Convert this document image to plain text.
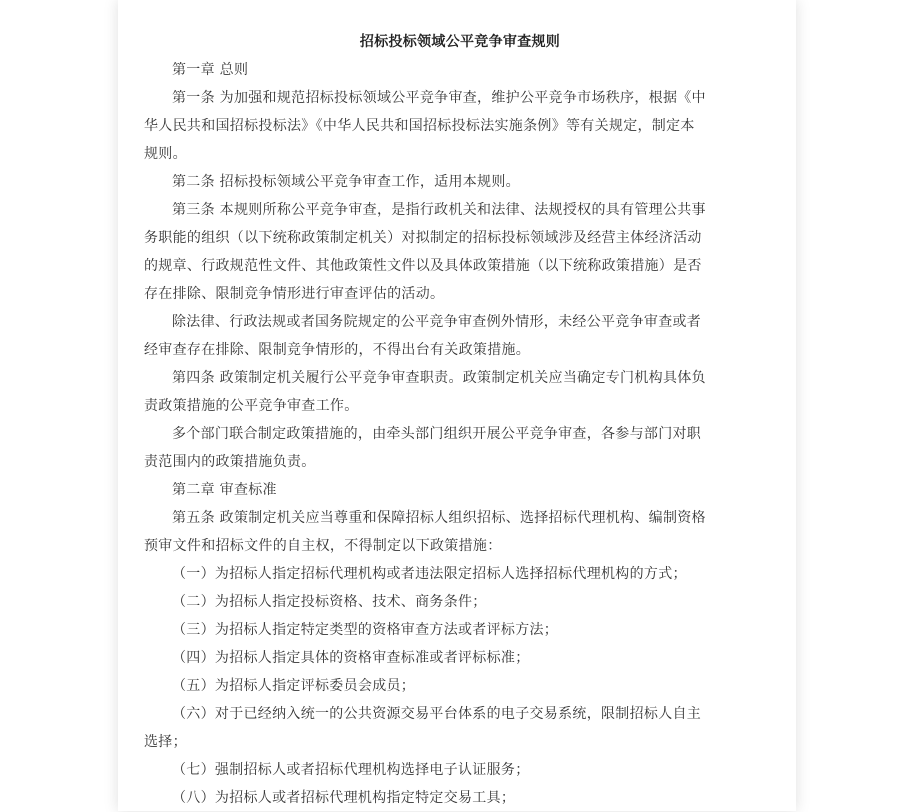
招标投标领域公平竞争审查规则

第一章 总则

第一条 为加强和规范招标投标领域公平竞争审查，维护公平竞争市场秩序，根据《中
华人民共和国招标投标法》《中华人民共和国招标投标法实施条例》等有关规定，制定本
规则。

第二条 招标投标领域公平竞争审查工作，适用本规则。

第三条 本规则所称公平竞争审查，是指行政机关和法律、法规授权的具有管理公共事
务职能的组织（以下统称政策制定机关）对拟制定的招标投标领域涉及经营主体经济活动
的规章、行政规范性文件、其他政策性文件以及具体政策措施（以下统称政策措施）是否
存在排除、限制竞争情形进行审查评估的活动。

除法律、行政法规或者国务院规定的公平竞争审查例外情形，未经公平竞争审查或者
经审查存在排除、限制竞争情形的，不得出台有关政策措施。

第四条 政策制定机关履行公平竞争审查职责。政策制定机关应当确定专门机构具体负
责政策措施的公平竞争审查工作。

多个部门联合制定政策措施的，由牵头部门组织开展公平竞争审查，各参与部门对职
责范围内的政策措施负责。

第二章 审查标准

第五条 政策制定机关应当尊重和保障招标人组织招标、选择招标代理机构、编制资格
预审文件和招标文件的自主权，不得制定以下政策措施：

（一）为招标人指定招标代理机构或者违法限定招标人选择招标代理机构的方式；

（二）为招标人指定投标资格、技术、商务条件；

（三）为招标人指定特定类型的资格审查方法或者评标方法；

（四）为招标人指定具体的资格审查标准或者评标标准；

（五）为招标人指定评标委员会成员；

（六）对于已经纳入统一的公共资源交易平台体系的电子交易系统，限制招标人自主
选择；

（七）强制招标人或者招标代理机构选择电子认证服务；

（八）为招标人或者招标代理机构指定特定交易工具；
